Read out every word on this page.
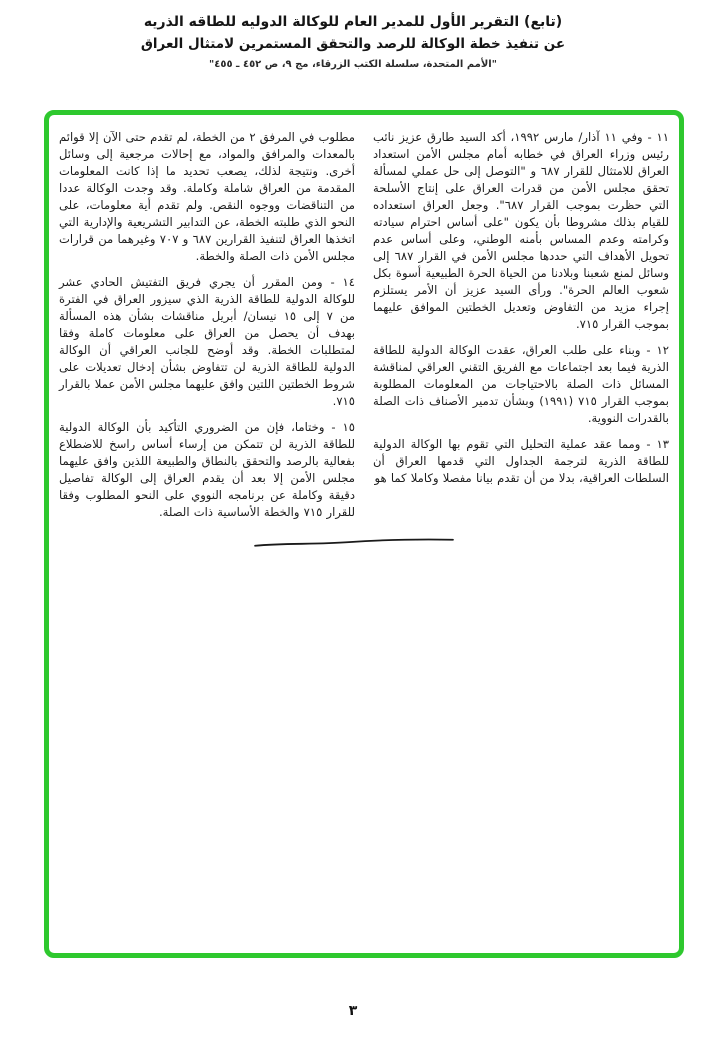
(تابع) التقرير الأول للمدير العام للوكالة الدوليه للطاقه الذريه

عن تنفيذ خطة الوكالة للرصد والتحقق المستمرين لامتثال العراق

"الأمم المتحدة، سلسلة الكتب الزرقاء، مج ٩، ص ٤٥٢ ـ ٤٥٥"

١١ - وفي ١١ آذار/ مارس ١٩٩٢، أكد السيد طارق عزيز نائب رئيس وزراء العراق في خطابه أمام مجلس الأمن استعداد العراق للامتثال للقرار ٦٨٧ و "التوصل إلى حل عملي لمسألة تحقق مجلس الأمن من قدرات العراق على إنتاج الأسلحة التي حظرت بموجب القرار ٦٨٧". وجعل العراق استعداده للقيام بذلك مشروطا بأن يكون "على أساس احترام سيادته وكرامته وعدم المساس بأمنه الوطني، وعلى أساس عدم تحويل الأهداف التي حددها مجلس الأمن في القرار ٦٨٧ إلى وسائل لمنع شعبنا وبلادنا من الحياة الحرة الطبيعية أسوة بكل شعوب العالم الحرة". ورأى السيد عزيز أن الأمر يستلزم إجراء مزيد من التفاوض وتعديل الخطتين الموافق عليهما بموجب القرار ٧١٥.

١٢ - وبناء على طلب العراق، عقدت الوكالة الدولية للطاقة الذرية فيما بعد اجتماعات مع الفريق التقني العراقي لمناقشة المسائل ذات الصلة بالاحتياجات من المعلومات المطلوبة بموجب القرار ٧١٥ (١٩٩١) وبشأن تدمير الأصناف ذات الصلة بالقدرات النووية.

١٣ - ومما عقد عملية التحليل التي تقوم بها الوكالة الدولية للطاقة الذرية لترجمة الجداول التي قدمها العراق أن السلطات العراقية، بدلا من أن تقدم بيانا مفصلا وكاملا كما هو

مطلوب في المرفق ٢ من الخطة، لم تقدم حتى الآن إلا قوائم بالمعدات والمرافق والمواد، مع إحالات مرجعية إلى وسائل أخرى. ونتيجة لذلك، يصعب تحديد ما إذا كانت المعلومات المقدمة من العراق شاملة وكاملة. وقد وجدت الوكالة عددا من التناقضات ووجوه النقص. ولم تقدم أية معلومات، على النحو الذي طلبته الخطة، عن التدابير التشريعية والإدارية التي اتخذها العراق لتنفيذ القرارين ٦٨٧ و ٧٠٧ وغيرهما من قرارات مجلس الأمن ذات الصلة والخطة.

١٤ - ومن المقرر أن يجري فريق التفتيش الحادي عشر للوكالة الدولية للطاقة الذرية الذي سيزور العراق في الفترة من ٧ إلى ١٥ نيسان/ أبريل مناقشات بشأن هذه المسألة بهدف أن يحصل من العراق على معلومات كاملة وفقا لمتطلبات الخطة. وقد أوضح للجانب العراقي أن الوكالة الدولية للطاقة الذرية لن تتفاوض بشأن إدخال تعديلات على شروط الخطتين اللتين وافق عليهما مجلس الأمن عملا بالقرار ٧١٥.

١٥ - وختاما، فإن من الضروري التأكيد بأن الوكالة الدولية للطاقة الذرية لن تتمكن من إرساء أساس راسخ للاضطلاع بفعالية بالرصد والتحقق بالنطاق والطبيعة اللذين وافق عليهما مجلس الأمن إلا بعد أن يقدم العراق إلى الوكالة تفاصيل دقيقة وكاملة عن برنامجه النووي على النحو المطلوب وفقا للقرار ٧١٥ والخطة الأساسية ذات الصلة.

٣
